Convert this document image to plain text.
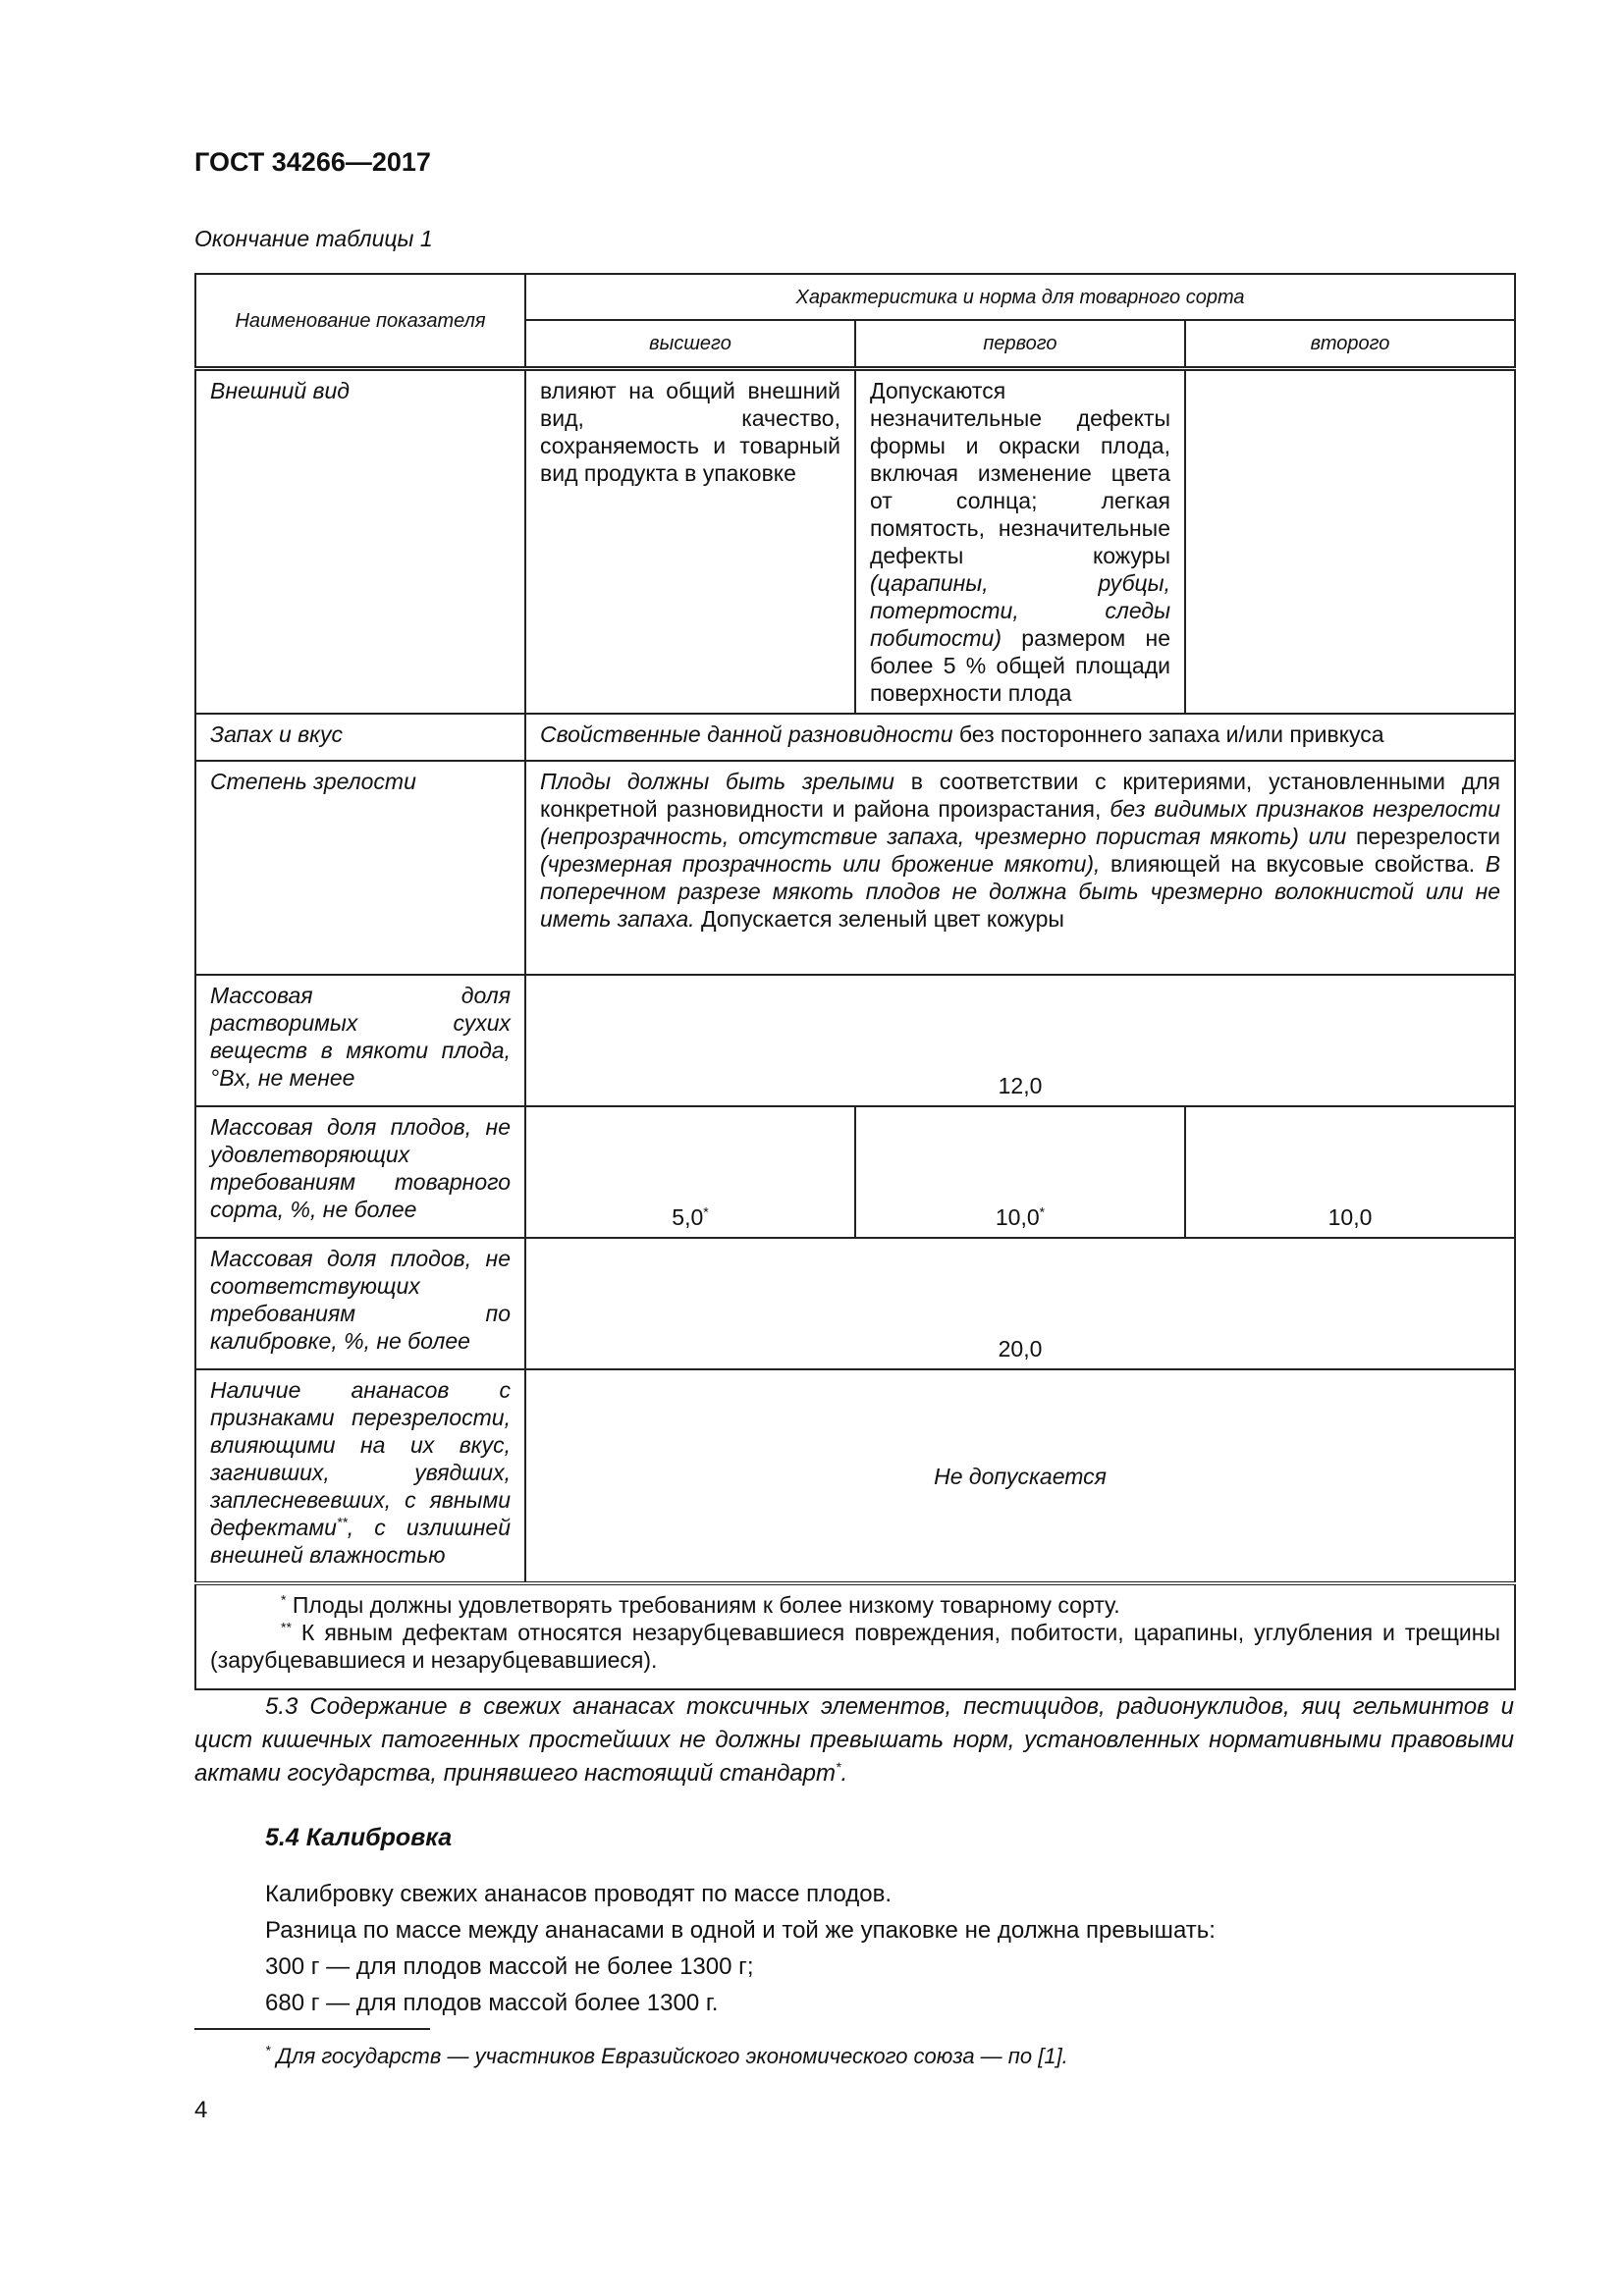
ГОСТ 34266—2017
Окончание таблицы 1
Наименование показателя	Характеристика и норма для товарного сорта		
	высшего	первого	второго
Внешний вид	влияют на общий внешний вид, качество, сохраняемость и товарный вид продукта в упаковке	Допускаются незначительные дефекты формы и окраски плода, включая изменение цвета от солнца; легкая помятость, незначительные дефекты кожуры (царапины, рубцы, потертости, следы побитости) размером не более 5 % общей площади поверхности плода	
Запах и вкус	Свойственные данной разновидности без постороннего запаха и/или привкуса		
Степень зрелости	Плоды должны быть зрелыми в соответствии с критериями, установленными для конкретной разновидности и района произрастания, без видимых признаков незрелости (непрозрачность, отсутствие запаха, чрезмерно пористая мякоть) или перезрелости (чрезмерная прозрачность или брожение мякоти), влияющей на вкусовые свойства. В поперечном разрезе мякоть плодов не должна быть чрезмерно волокнистой или не иметь запаха. Допускается зеленый цвет кожуры		
Массовая доля растворимых сухих веществ в мякоти плода, °Bx, не менее	12,0		
Массовая доля плодов, не удовлетворяющих требованиям товарного сорта, %, не более	5,0*	10,0*	10,0
Массовая доля плодов, не соответствующих требованиям по калибровке, %, не более	20,0		
Наличие ананасов с признаками перезрелости, влияющими на их вкус, загнивших, увядших, заплесневевших, с явными дефектами**, с излишней внешней влажностью	Не допускается		

* Плоды должны удовлетворять требованиям к более низкому товарному сорту.
** К явным дефектам относятся незарубцевавшиеся повреждения, побитости, царапины, углубления и трещины (зарубцевавшиеся и незарубцевавшиеся).			
5.3 Содержание в свежих ананасах токсичных элементов, пестицидов, радионуклидов, яиц гельминтов и цист кишечных патогенных простейших не должны превышать норм, установленных нормативными правовыми актами государства, принявшего настоящий стандарт*.
5.4 Калибровка
Калибровку свежих ананасов проводят по массе плодов.
Разница по массе между ананасами в одной и той же упаковке не должна превышать:
300 г — для плодов массой не более 1300 г;
680 г — для плодов массой более 1300 г.
* Для государств — участников Евразийского экономического союза — по [1].
4
